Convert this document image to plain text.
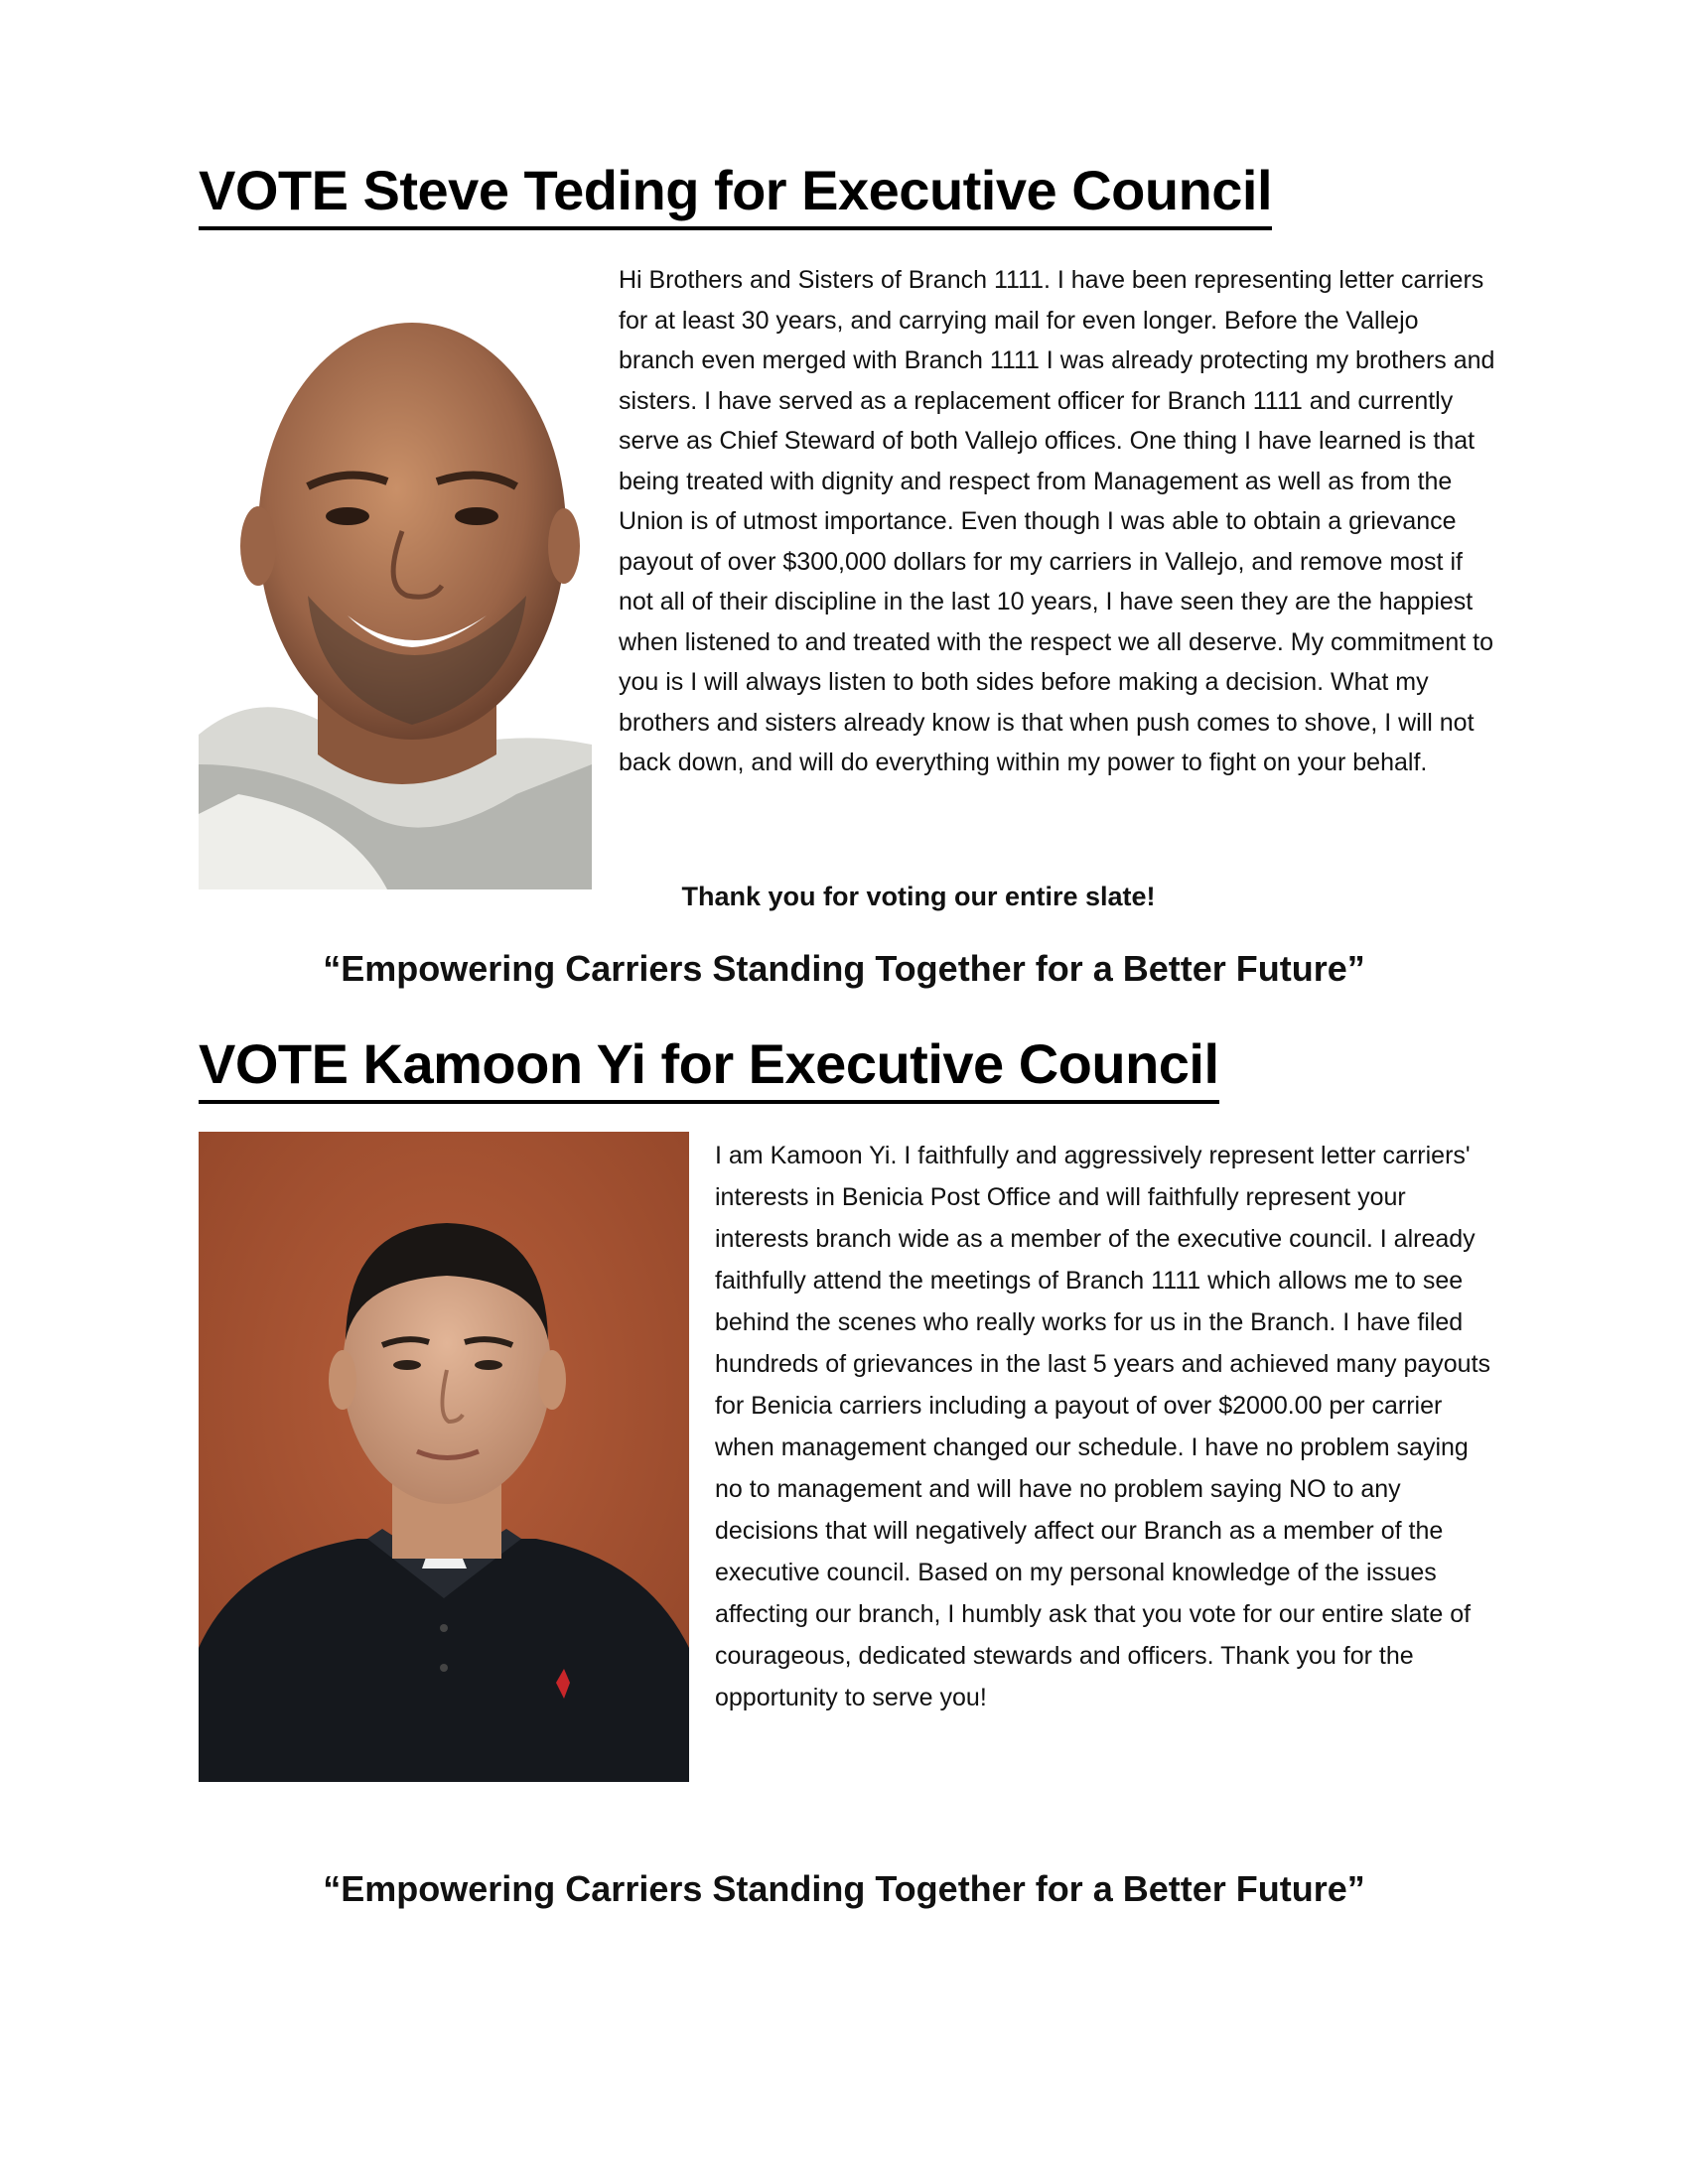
VOTE Steve Teding for Executive Council

Hi Brothers and Sisters of Branch 1111. I have been representing letter carriers for at least 30 years, and carrying mail for even longer. Before the Vallejo branch even merged with Branch 1111 I was already protecting my brothers and sisters. I have served as a replacement officer for Branch 1111 and currently serve as Chief Steward of both Vallejo offices. One thing I have learned is that being treated with dignity and respect from Management as well as from the Union is of utmost importance. Even though I was able to obtain a grievance payout of over $300,000 dollars for my carriers in Vallejo, and remove most if not all of their discipline in the last 10 years, I have seen they are the happiest when listened to and treated with the respect we all deserve. My commitment to you is I will always listen to both sides before making a decision. What my brothers and sisters already know is that when push comes to shove, I will not back down, and will do everything within my power to fight on your behalf.

Thank you for voting our entire slate!

“Empowering Carriers Standing Together for a Better Future”

VOTE Kamoon Yi for Executive Council
I am Kamoon Yi. I faithfully and aggressively represent letter carriers' interests in Benicia Post Office and will faithfully represent your interests branch wide as a member of the executive council. I already faithfully attend the meetings of Branch 1111 which allows me to see behind the scenes who really works for us in the Branch. I have filed hundreds of grievances in the last 5 years and achieved many payouts for Benicia carriers including a payout of over $2000.00 per carrier when management changed our schedule. I have no problem saying no to management and will have no problem saying NO to any decisions that will negatively affect our Branch as a member of the executive council. Based on my personal knowledge of the issues affecting our branch, I humbly ask that you vote for our entire slate of courageous, dedicated stewards and officers. Thank you for the opportunity to serve you!

“Empowering Carriers Standing Together for a Better Future”
